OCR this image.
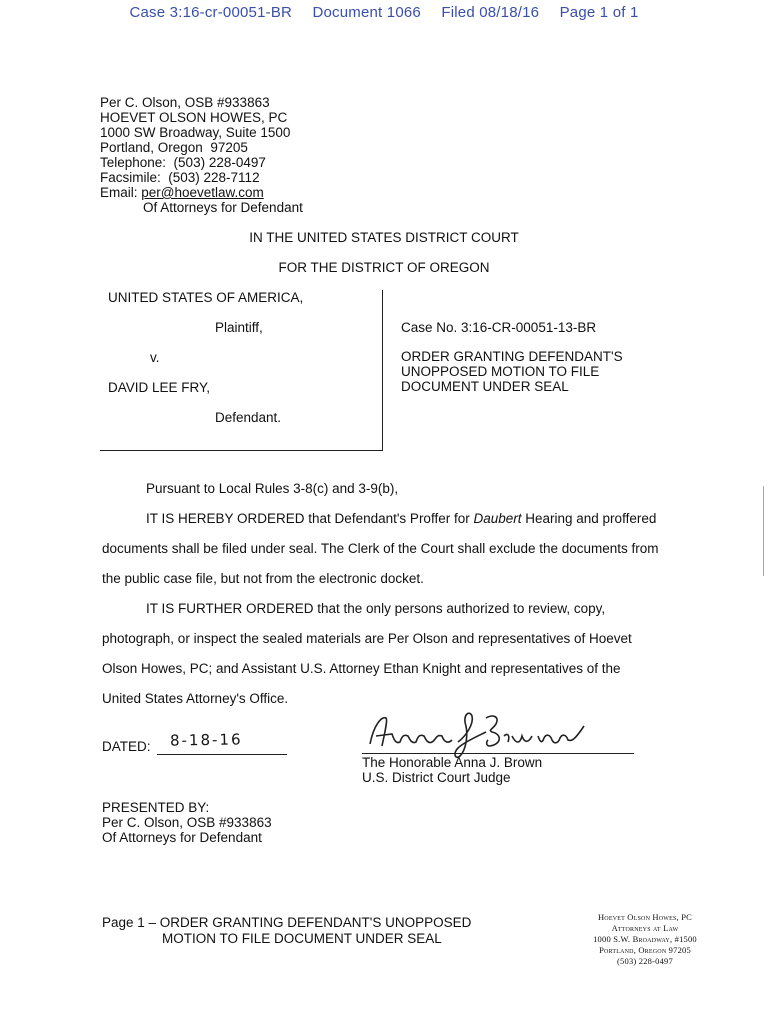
Case 3:16-cr-00051-BR Document 1066 Filed 08/18/16 Page 1 of 1
Per C. Olson, OSB #933863
HOEVET OLSON HOWES, PC
1000 SW Broadway, Suite 1500
Portland, Oregon  97205
Telephone:  (503) 228-0497
Facsimile:  (503) 228-7112
Email: per@hoevetlaw.com
Of Attorneys for Defendant
IN THE UNITED STATES DISTRICT COURT
FOR THE DISTRICT OF OREGON
UNITED STATES OF AMERICA,
Plaintiff,
v.
DAVID LEE FRY,
Defendant.
Case No. 3:16-CR-00051-13-BR
ORDER GRANTING DEFENDANT'S
UNOPPOSED MOTION TO FILE
DOCUMENT UNDER SEAL
Pursuant to Local Rules 3-8(c) and 3-9(b),
IT IS HEREBY ORDERED that Defendant's Proffer for Daubert Hearing and proffered documents shall be filed under seal. The Clerk of the Court shall exclude the documents from the public case file, but not from the electronic docket.
IT IS FURTHER ORDERED that the only persons authorized to review, copy, photograph, or inspect the sealed materials are Per Olson and representatives of Hoevet Olson Howes, PC; and Assistant U.S. Attorney Ethan Knight and representatives of the United States Attorney's Office.
DATED: 8-18-16
The Honorable Anna J. Brown
U.S. District Court Judge
PRESENTED BY:
Per C. Olson, OSB #933863
Of Attorneys for Defendant
Page 1 – ORDER GRANTING DEFENDANT'S UNOPPOSED
MOTION TO FILE DOCUMENT UNDER SEAL
Hoevet Olson Howes, PC
Attorneys at Law
1000 S.W. Broadway, #1500
Portland, Oregon 97205
(503) 228-0497
